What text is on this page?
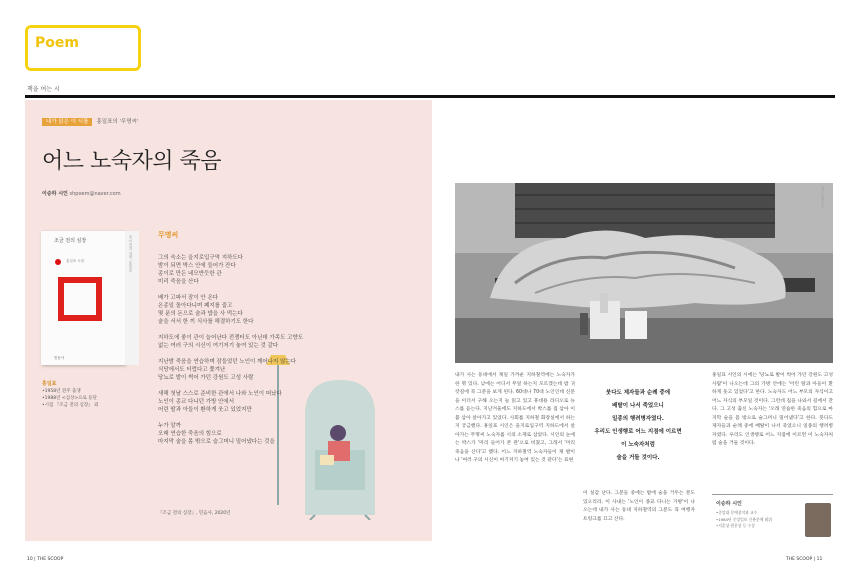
Poem
책을 여는 시
내가 읽은 이 시를 홍일표의 '무명씨'
어느 노숙자의 죽음
이승하 시인 shpoem@naver.com
조금 전의 심장
홍일표 시집
민음사
조금 전의 심장 · 홍일표
홍일표
•1958년 전주 출생
•1988년 <심상>으로 등단
•시집 『조금 전의 심장』 외
무명씨
그의 숙소는 을지로입구역 지하도다
밤이 되면 박스 안에 들어가 잔다
종이로 만든 네모반듯한 관
미리 죽음을 산다
배가 고파서 잠이 안 온다
온종일 돌아다니며 폐지를 줍고
몇 푼의 돈으로 술과 밥을 사 먹는다
술을 서서 한 끼 식사를 해결하기도 한다
지하도에 좋이 관이 늘어난다 전쟁터도 아닌데 가족도 고향도
없는 여러 구의 시신이 여기저기 놓여 있는 것 같다
지난밤 죽음을 연습하며 잠들었던 노인이 깨어나지 않는다
식당에서도 터럽다고 쫓겨난
당뇨로 발이 썩어 가던 강원도 고성 사람
새해 첫날 스스로 준비한 관에서 나와 노인이 떠났다
노인이 종교 다니던 가방 안에서
어린 딸과 아들이 환하게 웃고 있었지만
누가 알까
오래 연습한 죽음의 힘으로
마지막 술을 몸 밖으로 슬그머니 밀어냈다는 것을
『조금 전의 심장』, 민음사, 2020년
10 | THE SCOOP
사진=연합뉴스
내가 사는 동네에서 제일 가까운 지하철역에는 노숙자가 한 명 있다. 낮에는 어디서 무얼 하는지 모르겠는데 밤 귀갓길에 꼭 그분을 보게 된다. 60대나 70대 노인인데 신문을 이더서 구해 오는지 늘 읽고 있고 휴대용 라디오로 뉴스를 듣는다. 지난겨울에도 지하도에서 박스를 집 삼아 이불 삼아 살아가고 있었다. 사회를 지하철 화장실에서 하는지 궁금했다. 홍일표 시인은 을지로입구역 지하도에서 살아가는 무명씨 노숙자를 시의 소재로 삼았다. 시인의 눈에는 박스가 '미리 들어가 본 관'으로 비쳤고, 그래서 '미리 죽음을 산다'고 했다. 어느 지하철역 노숙자들이 제 발이나 '여러 구의 시신이 여기저기 놓여 있는 것 같다'는 표현
붓다도 제자들과 순례 중에
배탈이 나서 죽었으니
일종의 행려병자였다.
우리도 인생행로 어느 지점에 이르면
이 노숙자처럼
술을 거둘 것이다.
이 실감 난다. 그분들 중에는 밤에 술을 거두는 분도 있으리라. 이 사내는 '노인이 종교 다니는 가방'이 나오는데 내가 사는 동네 지하철역의 그분도 꼭 여행자 트렁크를 끄고 산다.
홍일표 시인의 시에는 '당뇨로 발이 썩어 가던 강원도 고성 사람'이 나오는데 그의 가방 안에는 '어린 딸과 아들이 환하게 웃고 있었다'고 한다. 노숙자도 어느 부모의 자식이고 어느 자식의 부모일 것이다. 그런데 집을 나와서 길에서 잔다. 그 고성 출신 노숙자는 '오래 연습한 죽음의 힘으로 마지막 술을 몸 밖으로 슬그머니 밀어냈다'고 한다. 붓다도 제자들과 순례 중에 배탈이 나서 죽었으니 일종의 행려병자였다. 우리도 인생행로 어느 지점에 이르면 이 노숙자처럼 술을 거둘 것이다.
이승하 시인
•중앙대 문예창작과 교수
•1984년 중앙일보 신춘문예 데뷔
•지훈상·편운상 등 수상
THE SCOOP | 11
